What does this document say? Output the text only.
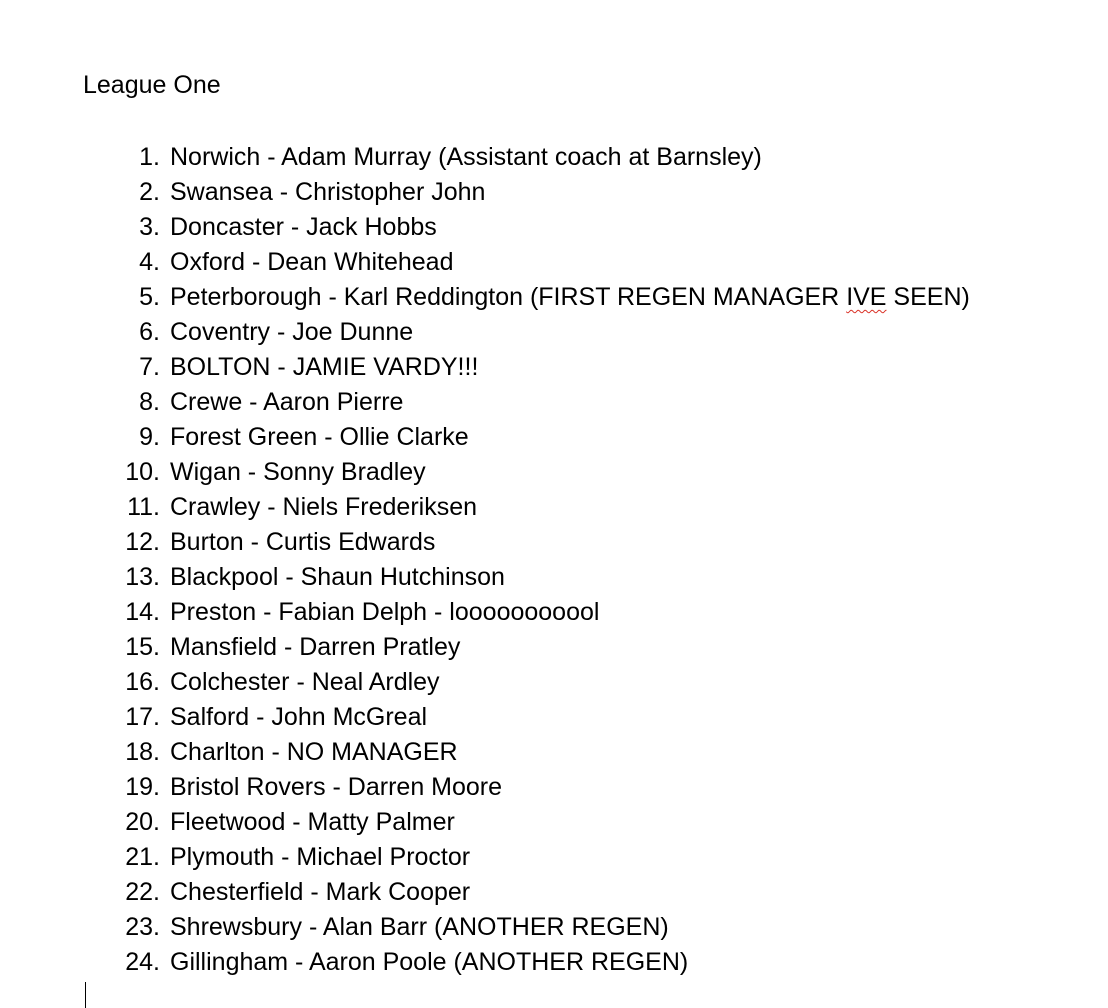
League One
1. Norwich - Adam Murray (Assistant coach at Barnsley)
2. Swansea - Christopher John
3. Doncaster - Jack Hobbs
4. Oxford - Dean Whitehead
5. Peterborough - Karl Reddington (FIRST REGEN MANAGER IVE SEEN)
6. Coventry - Joe Dunne
7. BOLTON - JAMIE VARDY!!!
8. Crewe - Aaron Pierre
9. Forest Green - Ollie Clarke
10. Wigan - Sonny Bradley
11. Crawley - Niels Frederiksen
12. Burton - Curtis Edwards
13. Blackpool - Shaun Hutchinson
14. Preston - Fabian Delph - looooooooool
15. Mansfield - Darren Pratley
16. Colchester - Neal Ardley
17. Salford - John McGreal
18. Charlton - NO MANAGER
19. Bristol Rovers - Darren Moore
20. Fleetwood - Matty Palmer
21. Plymouth - Michael Proctor
22. Chesterfield - Mark Cooper
23. Shrewsbury - Alan Barr (ANOTHER REGEN)
24. Gillingham - Aaron Poole (ANOTHER REGEN)
